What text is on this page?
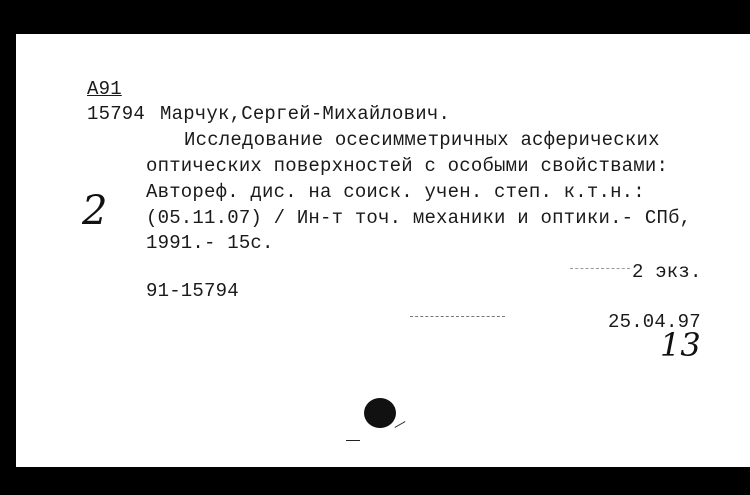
А91
15794 Марчук,Сергей-Михайлович.
Исследование осесимметричных асферических
оптических поверхностей с особыми свойствами:
Автореф. дис. на соиск. учен. степ. к.т.н.:
(05.11.07) / Ин-т точ. механики и оптики.- СПб,
1991.- 15с.
2 экз.
91-15794
25.04.97
2
13
